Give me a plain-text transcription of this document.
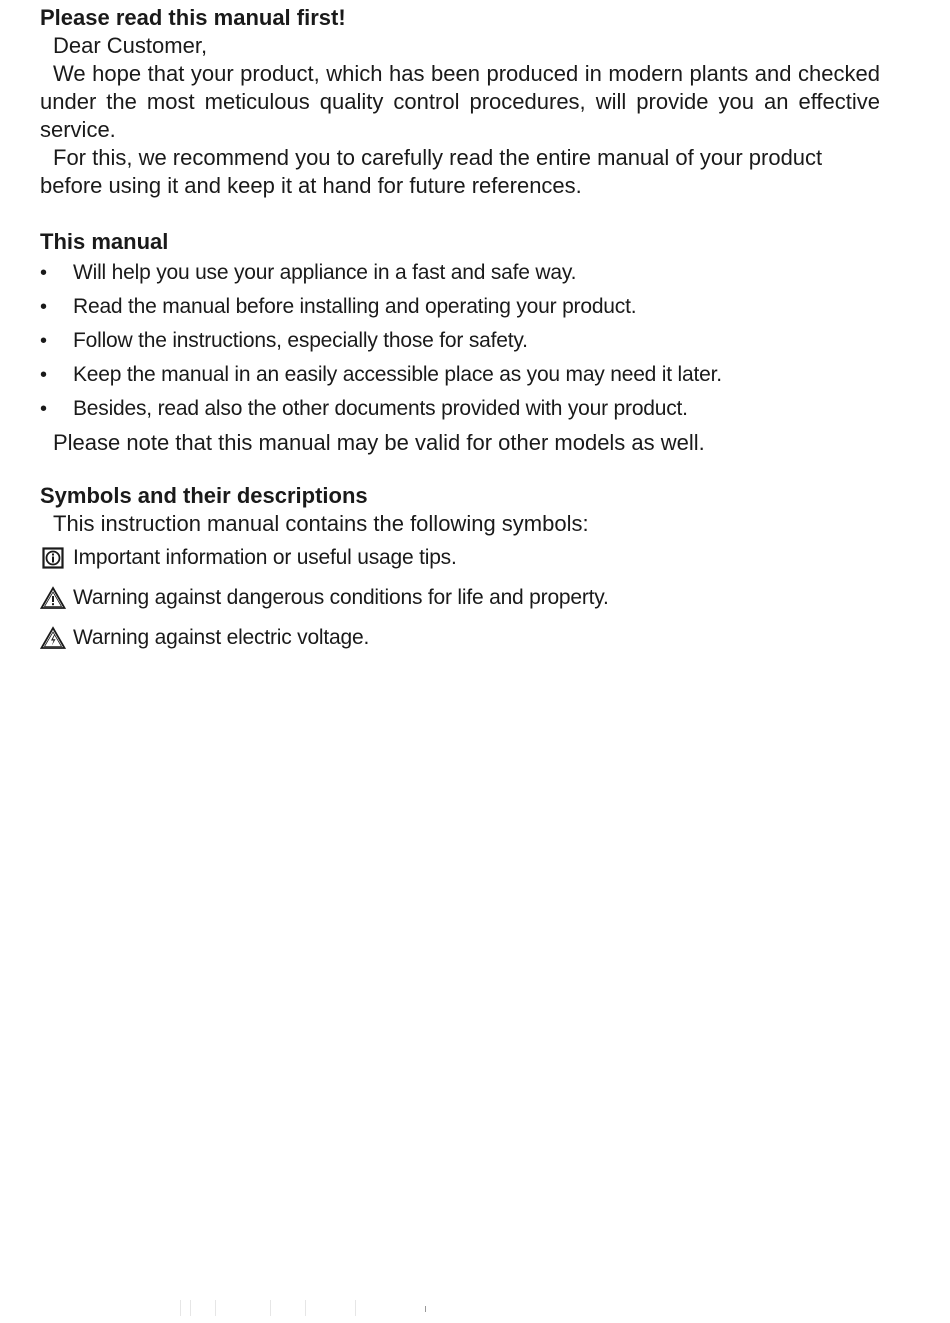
Please read this manual first!

Dear Customer,

We hope that your product, which has been produced in modern plants and checked under the most meticulous quality control procedures, will provide you an effective service.

For this, we recommend you to carefully read the entire manual of your product before using it and keep it at hand for future references.

This manual

• Will help you use your appliance in a fast and safe way.
• Read the manual before installing and operating your product.
• Follow the instructions, especially those for safety.
• Keep the manual in an easily accessible place as you may need it later.
• Besides, read also the other documents provided with your product.

Please note that this manual may be valid for other models as well.

Symbols and their descriptions

This instruction manual contains the following symbols:

Important information or useful usage tips.
Warning against dangerous conditions for life and property.
Warning against electric voltage.
